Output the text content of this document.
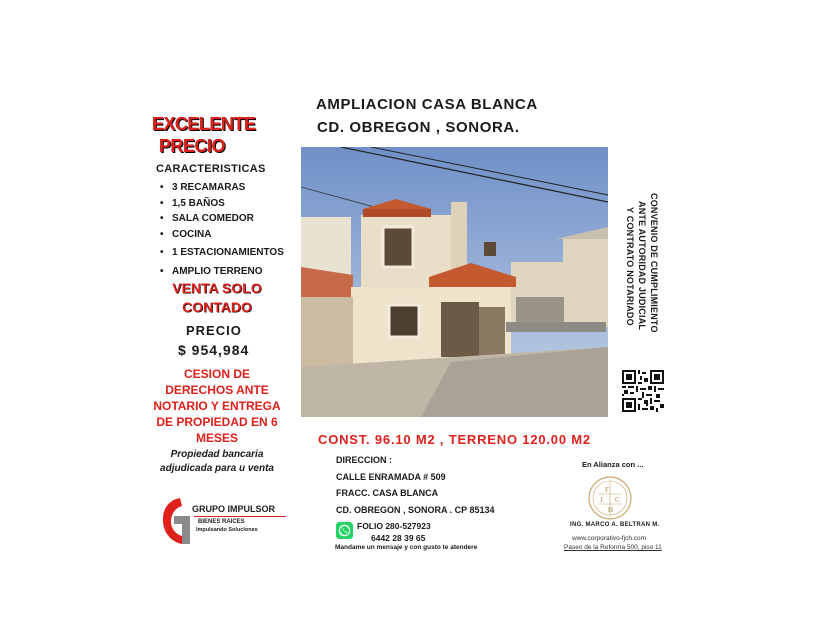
EXCELENTE
PRECIO
CARACTERISTICAS
• 3 RECAMARAS
• 1,5 BAÑOS
• SALA COMEDOR
• COCINA
• 1 ESTACIONAMIENTOS
• AMPLIO TERRENO
VENTA SOLO
CONTADO
PRECIO
$ 954,984
CESION DE
DERECHOS ANTE
NOTARIO Y ENTREGA
DE PROPIEDAD EN 6
MESES
Propiedad bancaria
adjudicada para u venta
GRUPO IMPULSOR
BIENES RAICES
Impulsando Soluciones
AMPLIACION CASA BLANCA
CD. OBREGON , SONORA.
CONVENIO DE CUMPLIMIENTO
ANTE AUTORIDAD JUDICIAL
Y CONTRATO NOTARIADO
CONST. 96.10 M2 , TERRENO 120.00 M2
DIRECCION :
CALLE ENRAMADA # 509
FRACC. CASA BLANCA
CD. OBREGON , SONORA . CP 85134
FOLIO 280-527923
6442 28 39 65
Mandame un mensaje y con gusto te atendere
En Alianza con ...
F
J C
H
ING. MARCO A. BELTRAN M.
www.corporativo-fjch.com
Paseo de la Reforma 500, piso 11
